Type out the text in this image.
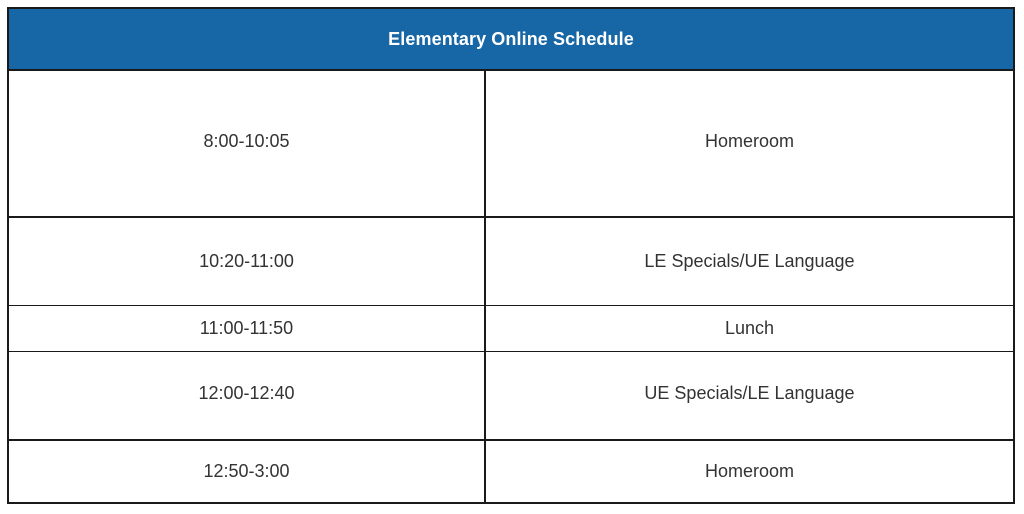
Elementary Online Schedule
8:00-10:05	Homeroom
10:20-11:00	LE Specials/UE Language
11:00-11:50	Lunch
12:00-12:40	UE Specials/LE Language
12:50-3:00	Homeroom
